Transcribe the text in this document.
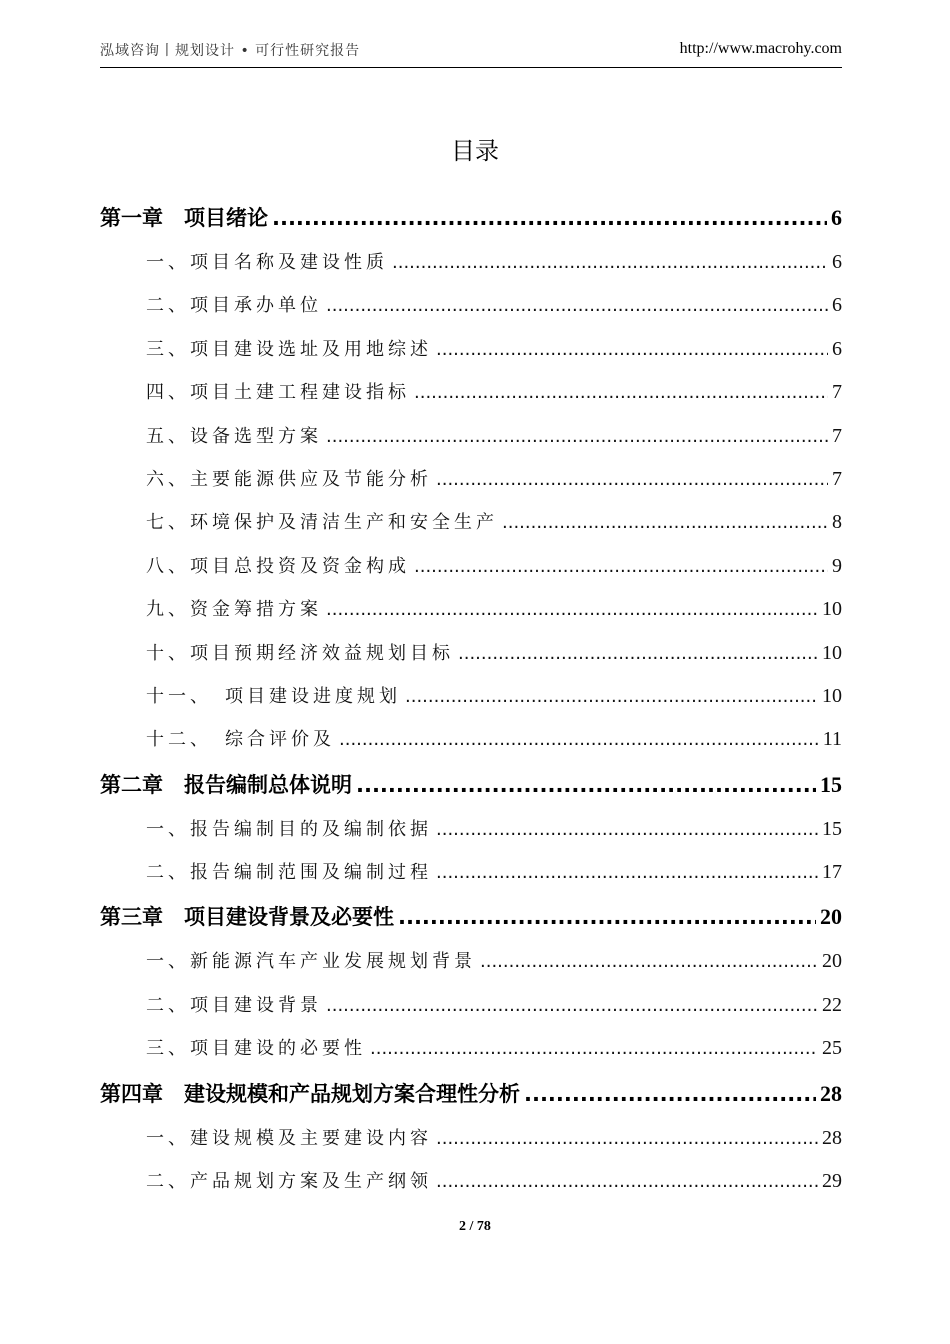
泓域咨询丨规划设计 • 可行性研究报告	http://www.macrohy.com
目录
第一章　项目绪论 .....	6
一、项目名称及建设性质 .....	6
二、项目承办单位 .....	6
三、项目建设选址及用地综述 .....	6
四、项目土建工程建设指标 .....	7
五、设备选型方案 .....	7
六、主要能源供应及节能分析 .....	7
七、环境保护及清洁生产和安全生产 .....	8
八、项目总投资及资金构成 .....	9
九、资金筹措方案 .....	10
十、项目预期经济效益规划目标 .....	10
十一、　项目建设进度规划 .....	10
十二、　综合评价及 .....	11
第二章　报告编制总体说明 .....	15
一、报告编制目的及编制依据 .....	15
二、报告编制范围及编制过程 .....	17
第三章　项目建设背景及必要性 .....	20
一、新能源汽车产业发展规划背景 .....	20
二、项目建设背景 .....	22
三、项目建设的必要性 .....	25
第四章　建设规模和产品规划方案合理性分析 .....	28
一、建设规模及主要建设内容 .....	28
二、产品规划方案及生产纲领 .....	29
2 / 78
